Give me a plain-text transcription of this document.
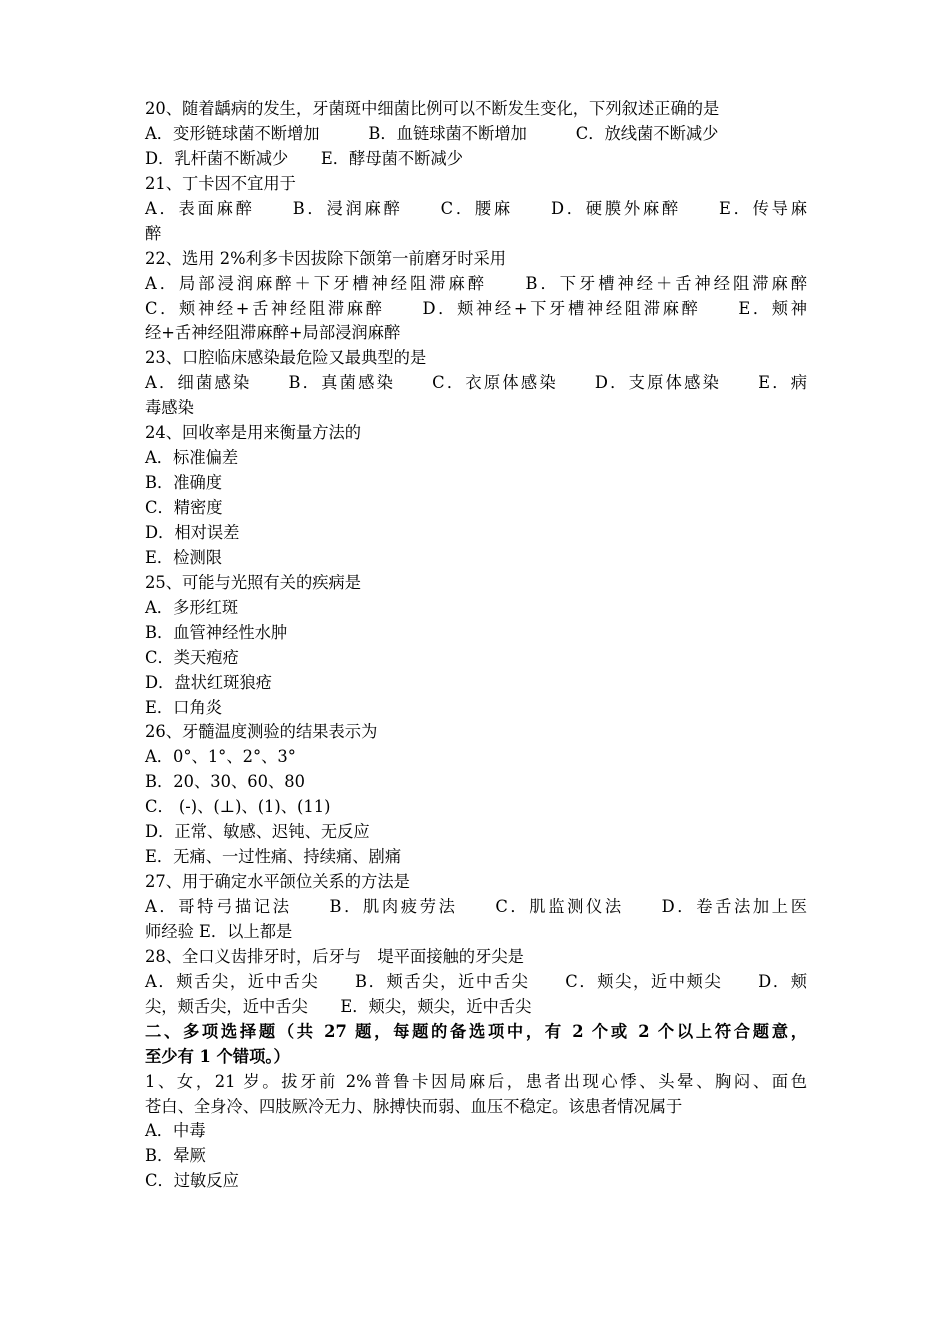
20、随着龋病的发生，牙菌斑中细菌比例可以不断发生变化，下列叙述正确的是
A．变形链球菌不断增加　　　B．血链球菌不断增加　　　C．放线菌不断减少
D．乳杆菌不断减少　　E．酵母菌不断减少
21、丁卡因不宜用于
A．表面麻醉　　B．浸润麻醉　　C．腰麻　　D．硬膜外麻醉　　E．传导麻
醉
22、选用 2%利多卡因拔除下颌第一前磨牙时采用
A．局部浸润麻醉＋下牙槽神经阻滞麻醉　　B．下牙槽神经＋舌神经阻滞麻醉
C．颊神经+舌神经阻滞麻醉　　D．颊神经+下牙槽神经阻滞麻醉　　E．颊神
经+舌神经阻滞麻醉+局部浸润麻醉
23、口腔临床感染最危险又最典型的是
A．细菌感染　　B．真菌感染　　C．衣原体感染　　D．支原体感染　　E．病
毒感染
24、回收率是用来衡量方法的
A．标准偏差
B．准确度
C．精密度
D．相对误差
E．检测限
25、可能与光照有关的疾病是
A．多形红斑
B．血管神经性水肿
C．类天疱疮
D．盘状红斑狼疮
E．口角炎
26、牙髓温度测验的结果表示为
A．0°、1°、2°、3°
B．20、30、60、80
C． (-)、(⊥)、(1)、(11)
D．正常、敏感、迟钝、无反应
E．无痛、一过性痛、持续痛、剧痛
27、用于确定水平颌位关系的方法是
A．哥特弓描记法　　B．肌肉疲劳法　　C．肌监测仪法　　D．卷舌法加上医
师经验 E．以上都是
28、全口义齿排牙时，后牙与　堤平面接触的牙尖是
A．颊舌尖，近中舌尖　　B．颊舌尖，近中舌尖　　C．颊尖，近中颊尖　　D．颊
尖，颊舌尖，近中舌尖　　E．颊尖，颊尖，近中舌尖
二、多项选择题（共 27 题，每题的备选项中，有 2 个或 2 个以上符合题意，
至少有 1 个错项。）
1、女，21 岁。拔牙前 2%普鲁卡因局麻后，患者出现心悸、头晕、胸闷、面色
苍白、全身冷、四肢厥冷无力、脉搏快而弱、血压不稳定。该患者情况属于
A．中毒
B．晕厥
C．过敏反应
